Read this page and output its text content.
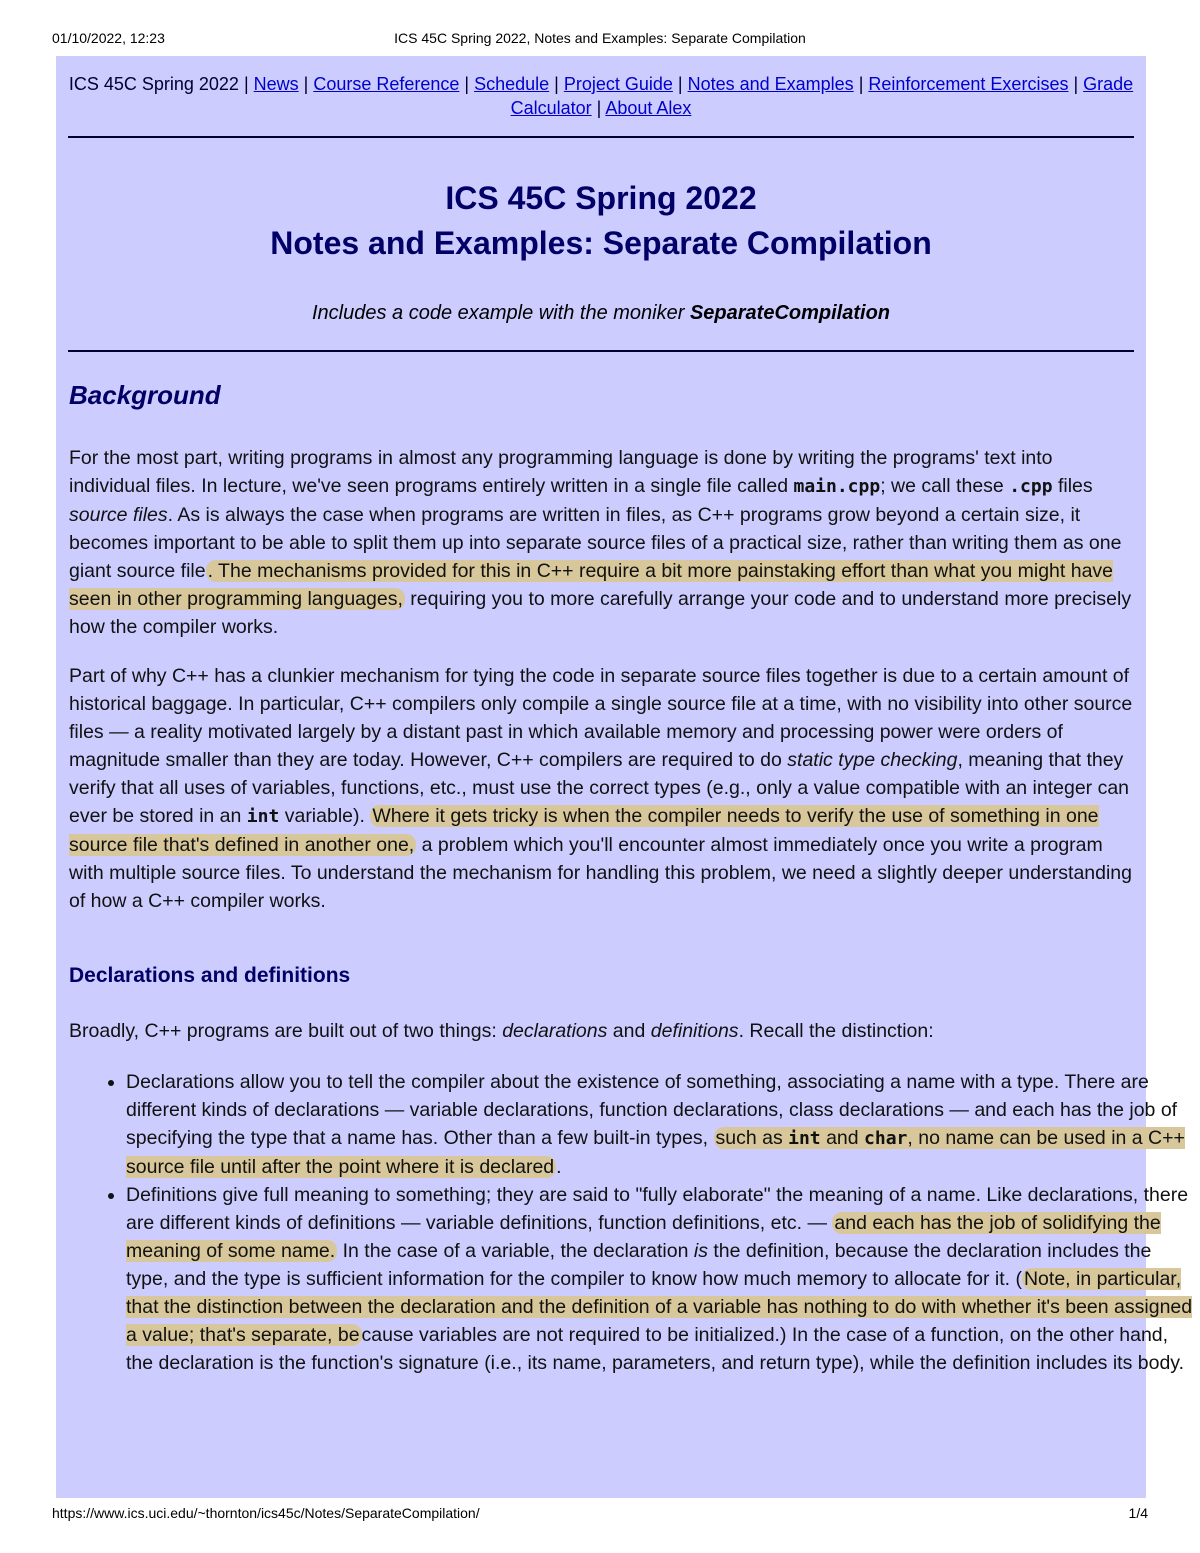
01/10/2022, 12:23	ICS 45C Spring 2022, Notes and Examples: Separate Compilation
ICS 45C Spring 2022 | News | Course Reference | Schedule | Project Guide | Notes and Examples | Reinforcement Exercises | Grade Calculator | About Alex
ICS 45C Spring 2022
Notes and Examples: Separate Compilation
Includes a code example with the moniker SeparateCompilation
Background
For the most part, writing programs in almost any programming language is done by writing the programs' text into individual files. In lecture, we've seen programs entirely written in a single file called main.cpp; we call these .cpp files source files. As is always the case when programs are written in files, as C++ programs grow beyond a certain size, it becomes important to be able to split them up into separate source files of a practical size, rather than writing them as one giant source file . The mechanisms provided for this in C++ require a bit more painstaking effort than what you might have seen in other programming languages, requiring you to more carefully arrange your code and to understand more precisely how the compiler works.
Part of why C++ has a clunkier mechanism for tying the code in separate source files together is due to a certain amount of historical baggage. In particular, C++ compilers only compile a single source file at a time, with no visibility into other source files — a reality motivated largely by a distant past in which available memory and processing power were orders of magnitude smaller than they are today. However, C++ compilers are required to do static type checking, meaning that they verify that all uses of variables, functions, etc., must use the correct types (e.g., only a value compatible with an integer can ever be stored in an int variable). Where it gets tricky is when the compiler needs to verify the use of something in one source file that's defined in another one, a problem which you'll encounter almost immediately once you write a program with multiple source files. To understand the mechanism for handling this problem, we need a slightly deeper understanding of how a C++ compiler works.
Declarations and definitions
Broadly, C++ programs are built out of two things: declarations and definitions. Recall the distinction:
• Declarations allow you to tell the compiler about the existence of something, associating a name with a type. There are different kinds of declarations — variable declarations, function declarations, class declarations — and each has the job of specifying the type that a name has. Other than a few built-in types, such as int and char, no name can be used in a C++ source file until after the point where it is declared .
• Definitions give full meaning to something; they are said to "fully elaborate" the meaning of a name. Like declarations, there are different kinds of definitions — variable definitions, function definitions, etc. — and each has the job of solidifying the meaning of some name. In the case of a variable, the declaration is the definition, because the declaration includes the type, and the type is sufficient information for the compiler to know how much memory to allocate for it. ( Note, in particular, that the distinction between the declaration and the definition of a variable has nothing to do with whether it's been assigned a value; that's separate, be cause variables are not required to be initialized.) In the case of a function, on the other hand, the declaration is the function's signature (i.e., its name, parameters, and return type), while the definition includes its body.
https://www.ics.uci.edu/~thornton/ics45c/Notes/SeparateCompilation/	1/4
